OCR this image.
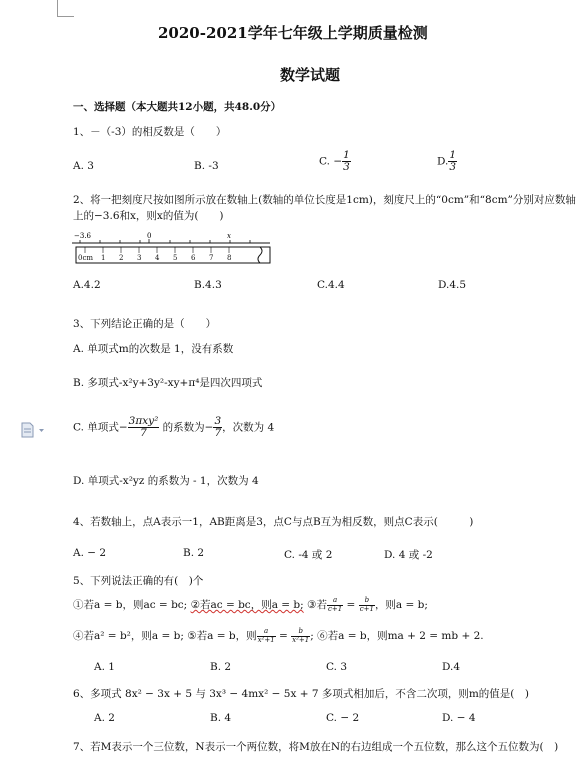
2020-2021学年七年级上学期质量检测
数学试题
一、选择题（本大题共12小题，共48.0分）
1、－（-3）的相反数是（　　）
A. 3	B. -3	C. − $\frac{1}{3}$	D. $\frac{1}{3}$
2、将一把刻度尺按如图所示放在数轴上(数轴的单位长度是1cm)，刻度尺上的“0cm”和“8cm”分别对应数轴
上的−3.6和x，则x的值为(　　)
−3.6	0	x
0cm 1 2 3 4 5 6 7 8
A.4.2	B.4.3	C.4.4	D.4.5
3、下列结论正确的是（　　）
A. 单项式m的次数是 1，没有系数
B. 多项式-x²y+3y²-xy+π⁴是四次四项式
C. 单项式− $\frac{\text{3πxy²}}{7}$ 的系数为− $\frac{3}{7}$ ，次数为 4
D. 单项式-x²yz 的系数为 - 1，次数为 4
4、若数轴上，点A表示一1，AB距离是3，点C与点B互为相反数，则点C表示(　　　)
A. − 2	B. 2	C. -4 或 2	D. 4 或 -2
5、下列说法正确的有(　)个
①若a = b，则ac = bc; ②若ac = bc，则a = b; ③若 $\frac{a}{c+1} = \frac{b}{c+1}$ ，则a = b;
④若a² = b²，则a = b; ⑤若a = b，则 $\frac{a}{\text{x²+1}} = \frac{b}{\text{x²+1}}$ ; ⑥若a = b，则ma + 2 = mb + 2.
A. 1	B. 2	C. 3	D.4
6、多项式 8x² − 3x + 5 与 3x³ − 4mx² − 5x + 7 多项式相加后，不含二次项，则m的值是(　)
A. 2	B. 4	C. − 2	D. − 4
7、若M表示一个三位数，N表示一个两位数，将M放在N的右边组成一个五位数，那么这个五位数为(　)
